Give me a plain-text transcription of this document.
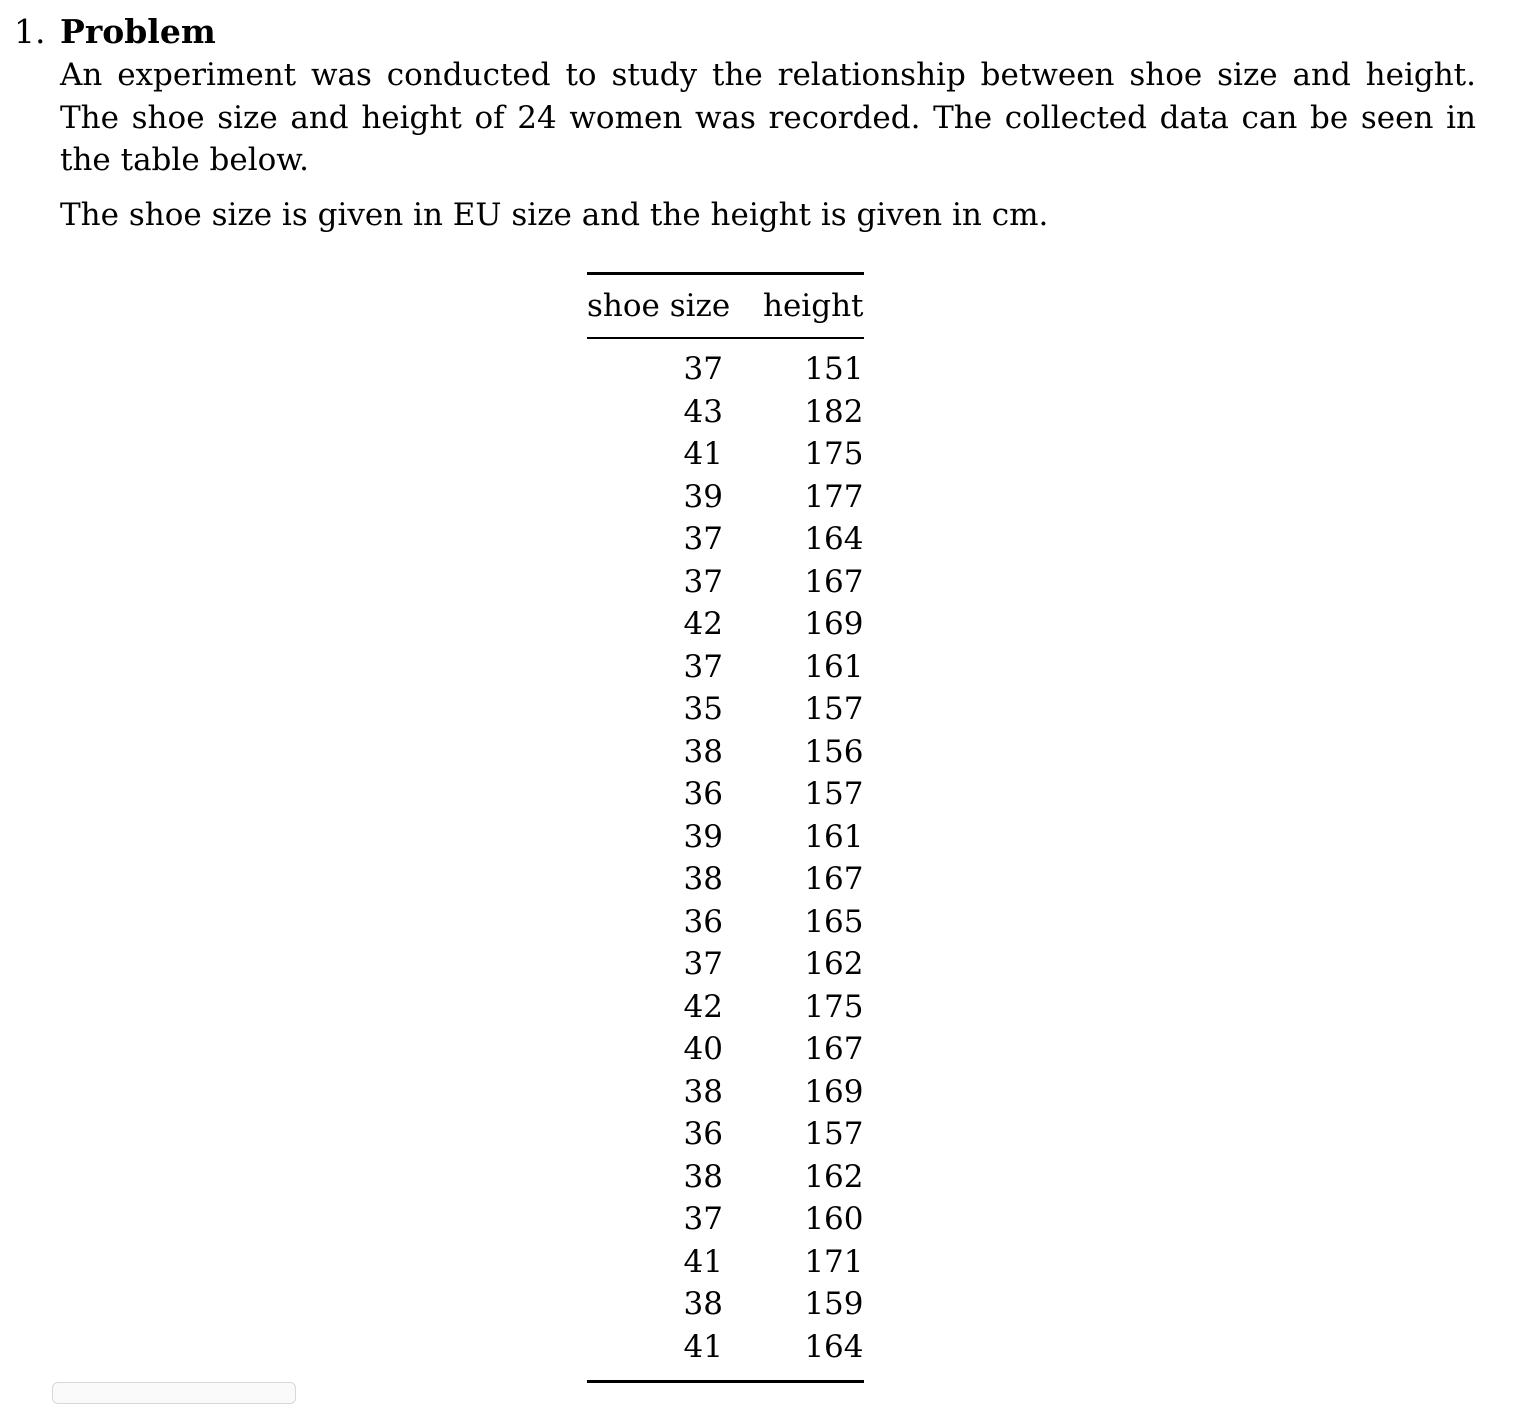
1. Problem
An experiment was conducted to study the relationship between shoe size and height. The shoe size and height of 24 women was recorded. The collected data can be seen in the table below.
The shoe size is given in EU size and the height is given in cm.
shoe size	height
37	151
43	182
41	175
39	177
37	164
37	167
42	169
37	161
35	157
38	156
36	157
39	161
38	167
36	165
37	162
42	175
40	167
38	169
36	157
38	162
37	160
41	171
38	159
41	164
